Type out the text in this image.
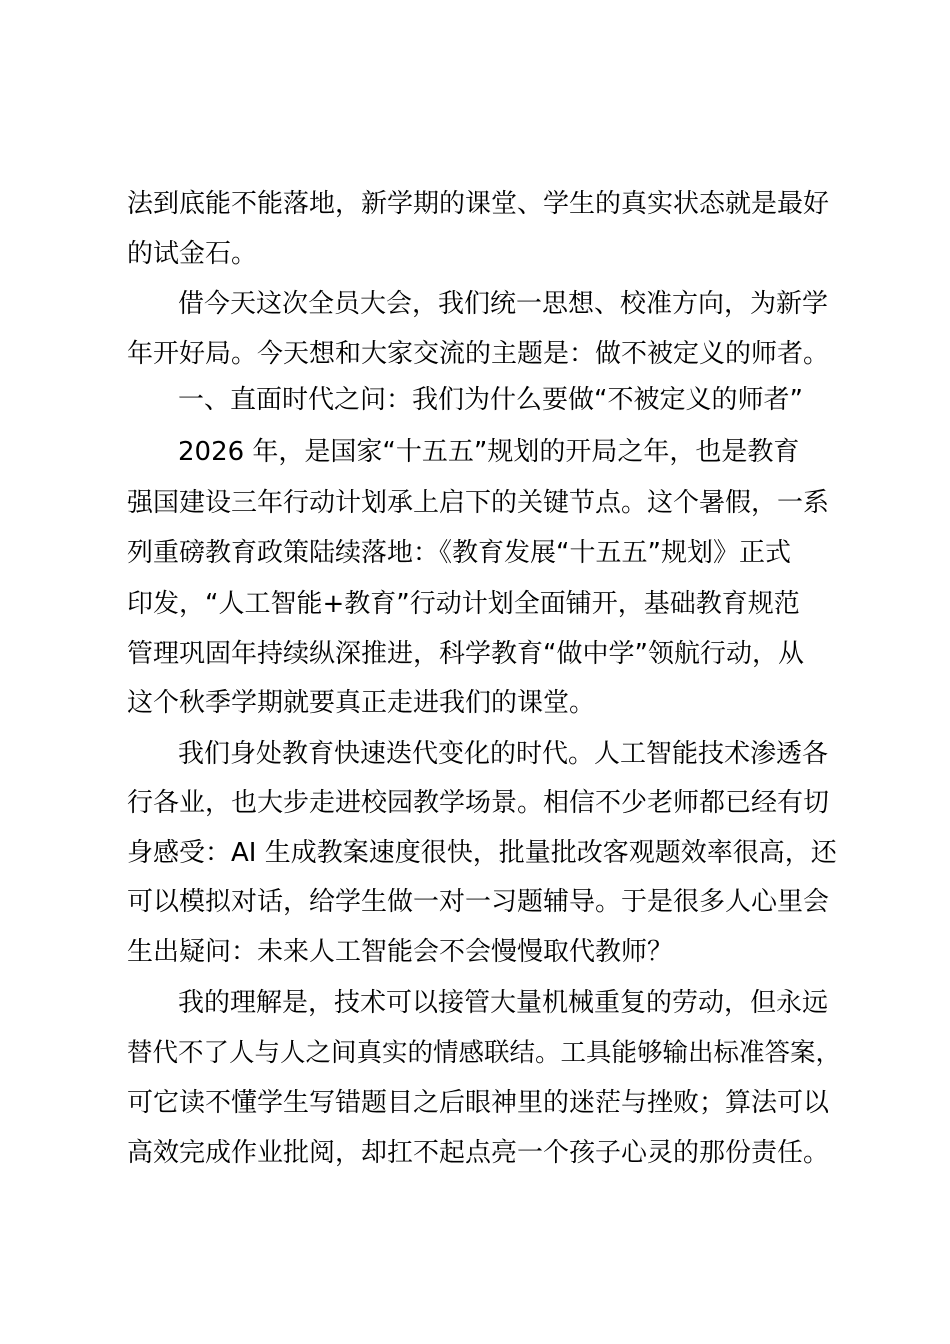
法到底能不能落地，新学期的课堂、学生的真实状态就是最好
的试金石。
借今天这次全员大会，我们统一思想、校准方向，为新学
年开好局。今天想和大家交流的主题是：做不被定义的师者。
一、直面时代之问：我们为什么要做“不被定义的师者”
2026 年，是国家“十五五”规划的开局之年，也是教育
强国建设三年行动计划承上启下的关键节点。这个暑假，一系
列重磅教育政策陆续落地：《教育发展“十五五”规划》正式
印发，“人工智能+教育”行动计划全面铺开，基础教育规范
管理巩固年持续纵深推进，科学教育“做中学”领航行动，从
这个秋季学期就要真正走进我们的课堂。
我们身处教育快速迭代变化的时代。人工智能技术渗透各
行各业，也大步走进校园教学场景。相信不少老师都已经有切
身感受：AI 生成教案速度很快，批量批改客观题效率很高，还
可以模拟对话，给学生做一对一习题辅导。于是很多人心里会
生出疑问：未来人工智能会不会慢慢取代教师？
我的理解是，技术可以接管大量机械重复的劳动，但永远
替代不了人与人之间真实的情感联结。工具能够输出标准答案，
可它读不懂学生写错题目之后眼神里的迷茫与挫败；算法可以
高效完成作业批阅，却扛不起点亮一个孩子心灵的那份责任。
